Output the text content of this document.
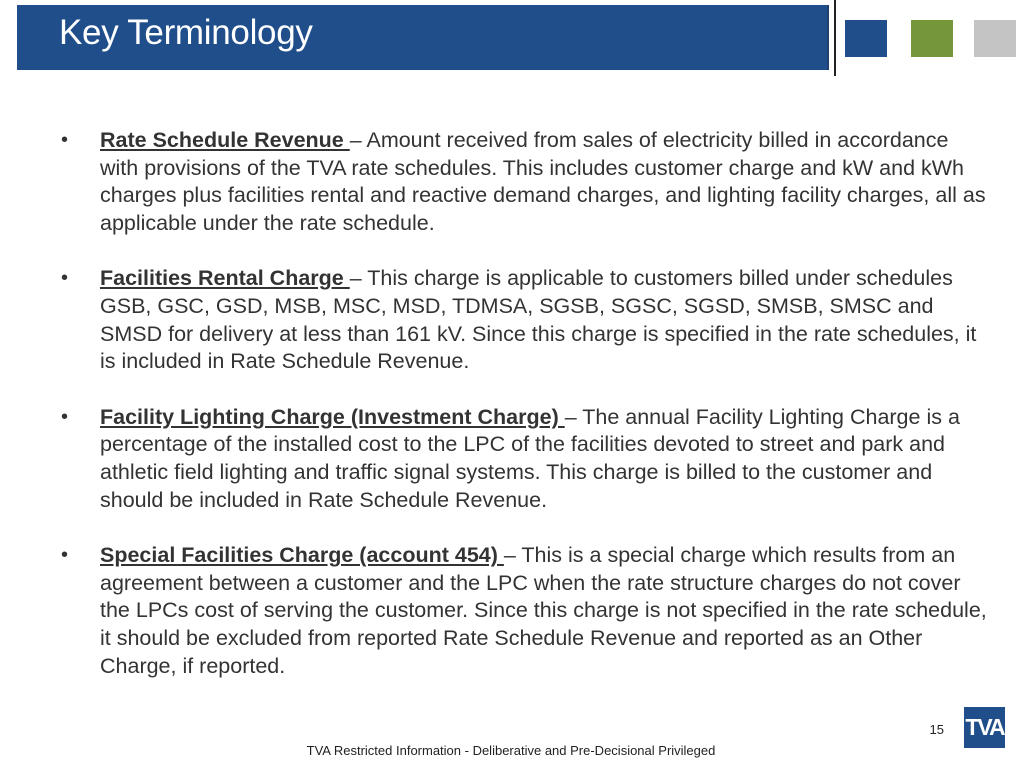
Key Terminology
• Rate Schedule Revenue – Amount received from sales of electricity billed in accordance with provisions of the TVA rate schedules. This includes customer charge and kW and kWh charges plus facilities rental and reactive demand charges, and lighting facility charges, all as applicable under the rate schedule.
• Facilities Rental Charge – This charge is applicable to customers billed under schedules GSB, GSC, GSD, MSB, MSC, MSD, TDMSA, SGSB, SGSC, SGSD, SMSB, SMSC and SMSD for delivery at less than 161 kV. Since this charge is specified in the rate schedules, it is included in Rate Schedule Revenue.
• Facility Lighting Charge (Investment Charge) – The annual Facility Lighting Charge is a percentage of the installed cost to the LPC of the facilities devoted to street and park and athletic field lighting and traffic signal systems. This charge is billed to the customer and should be included in Rate Schedule Revenue.
• Special Facilities Charge (account 454) – This is a special charge which results from an agreement between a customer and the LPC when the rate structure charges do not cover the LPCs cost of serving the customer. Since this charge is not specified in the rate schedule, it should be excluded from reported Rate Schedule Revenue and reported as an Other Charge, if reported.
15 TVA
TVA Restricted Information - Deliberative and Pre-Decisional Privileged
